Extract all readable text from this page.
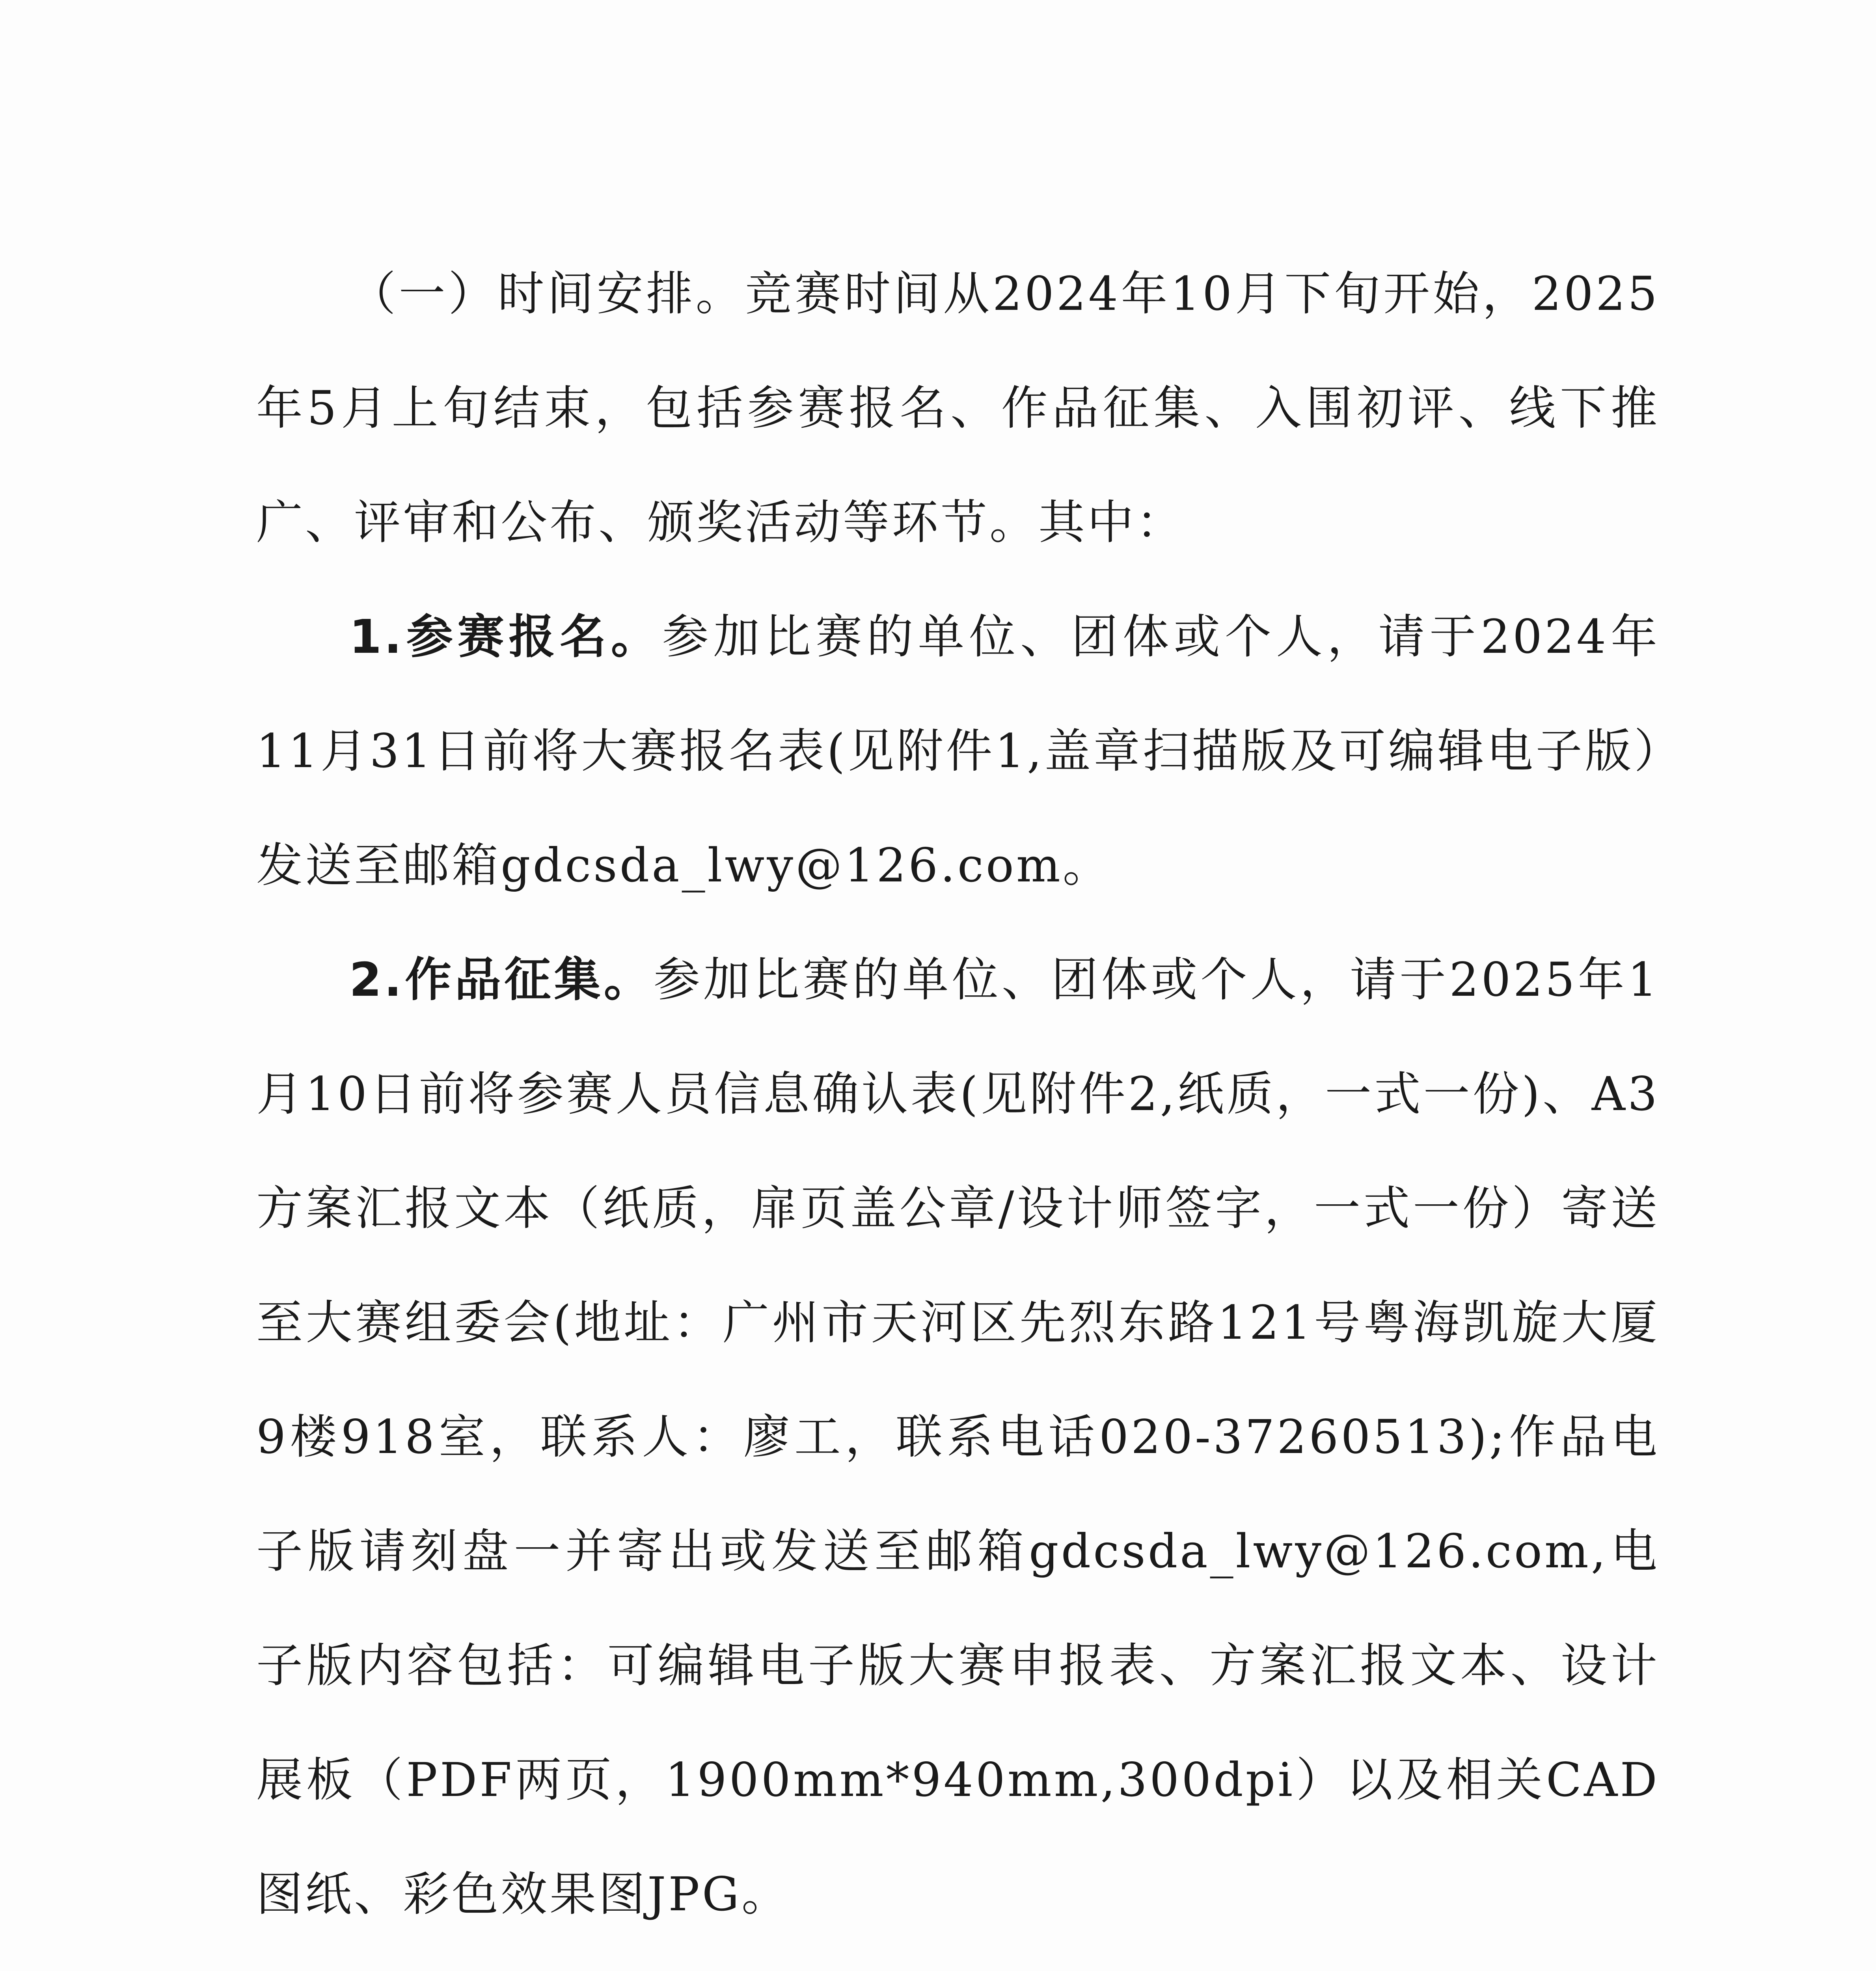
（一）时间安排。竞赛时间从2024年10月下旬开始，2025年5月上旬结束，包括参赛报名、作品征集、入围初评、线下推广、评审和公布、颁奖活动等环节。其中：

1.参赛报名。参加比赛的单位、团体或个人，请于2024年11月31日前将大赛报名表(见附件1,盖章扫描版及可编辑电子版）发送至邮箱gdcsda_lwy@126.com。

2.作品征集。参加比赛的单位、团体或个人，请于2025年1月10日前将参赛人员信息确认表(见附件2,纸质，一式一份)、A3方案汇报文本（纸质，扉页盖公章/设计师签字，一式一份）寄送至大赛组委会(地址：广州市天河区先烈东路121号粤海凯旋大厦9楼918室，联系人：廖工，联系电话020-37260513);作品电子版请刻盘一并寄出或发送至邮箱gdcsda_lwy@126.com,电子版内容包括：可编辑电子版大赛申报表、方案汇报文本、设计展板（PDF两页，1900mm*940mm,300dpi）以及相关CAD图纸、彩色效果图JPG。
